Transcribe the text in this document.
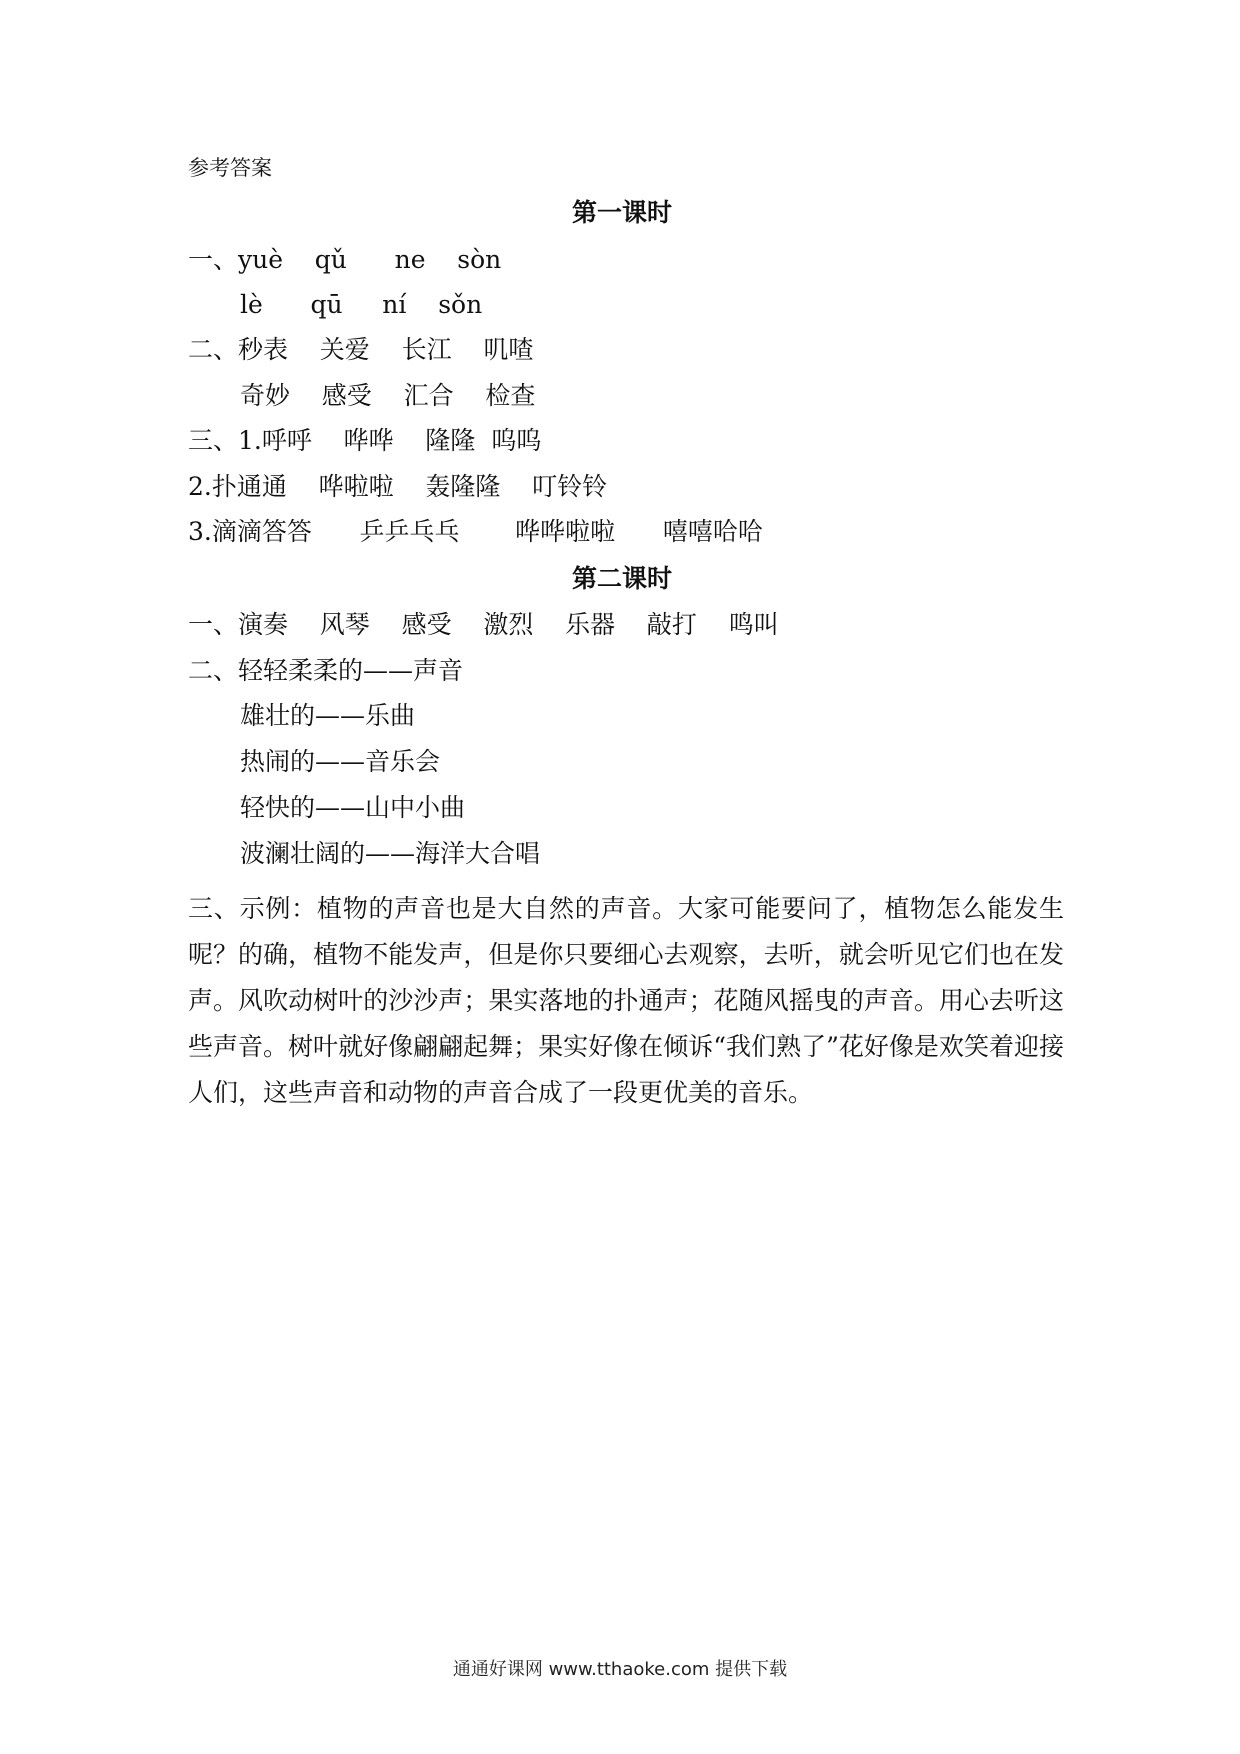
参考答案
第一课时
一、yuè    qǔ      ne    sòn
lè      qū     ní    sǒn
二、秒表    关爱    长江    叽喳
奇妙    感受    汇合    检查
三、1.呼呼    哗哗    隆隆  呜呜
2.扑通通    哗啦啦    轰隆隆    叮铃铃
3.滴滴答答      乒乒乓乓       哗哗啦啦      嘻嘻哈哈
第二课时
一、演奏    风琴    感受    激烈    乐器    敲打    鸣叫
二、轻轻柔柔的——声音
雄壮的——乐曲
热闹的——音乐会
轻快的——山中小曲
波澜壮阔的——海洋大合唱
三、示例：植物的声音也是大自然的声音。大家可能要问了，植物怎么能发生呢？的确，植物不能发声，但是你只要细心去观察，去听，就会听见它们也在发声。风吹动树叶的沙沙声；果实落地的扑通声；花随风摇曳的声音。用心去听这些声音。树叶就好像翩翩起舞；果实好像在倾诉“我们熟了”花好像是欢笑着迎接人们，这些声音和动物的声音合成了一段更优美的音乐。
通通好课网 www.tthaoke.com 提供下载
